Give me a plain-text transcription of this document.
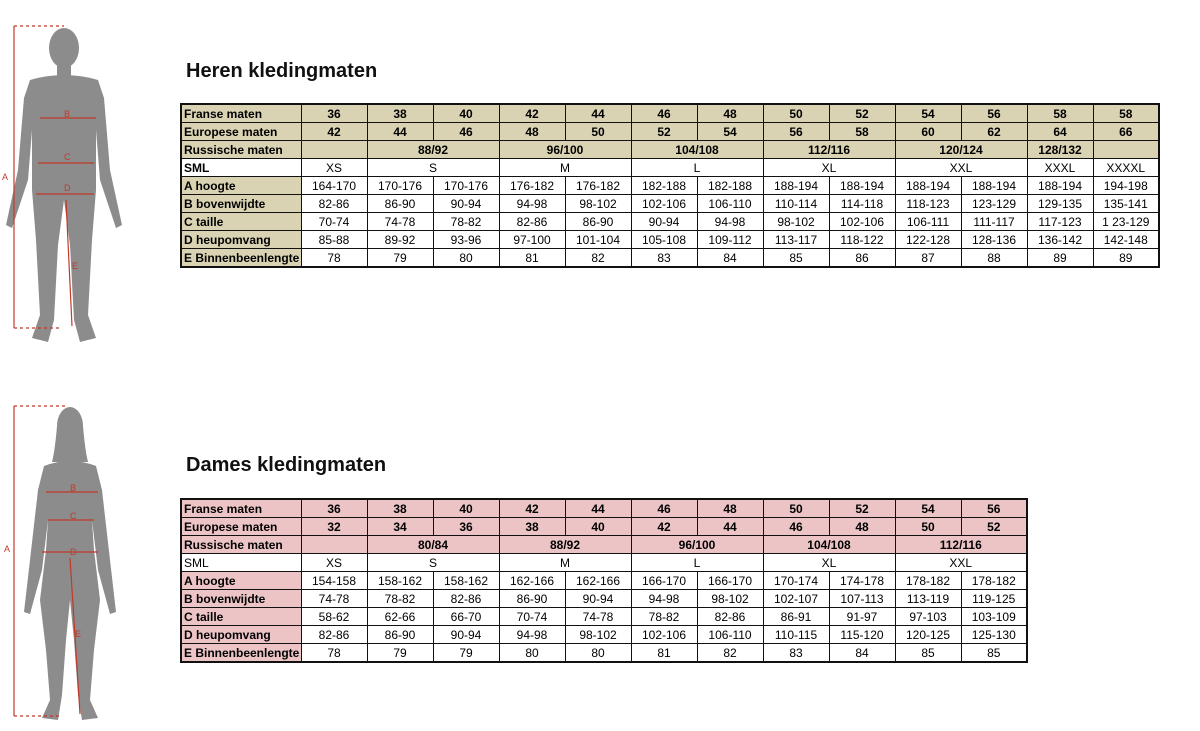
A
B
C
D
E
Heren kledingmaten
Franse maten	36	38	40	42	44	46	48	50	52	54	56	58	58
Europese maten	42	44	46	48	50	52	54	56	58	60	62	64	66
Russische maten		88/92		96/100		104/108		112/116		120/124		128/132	
SML	XS	S		M		L		XL		XXL		XXXL	XXXXL
A hoogte	164-170	170-176	170-176	176-182	176-182	182-188	182-188	188-194	188-194	188-194	188-194	188-194	194-198
B bovenwijdte	82-86	86-90	90-94	94-98	98-102	102-106	106-110	110-114	114-118	118-123	123-129	129-135	135-141
C taille	70-74	74-78	78-82	82-86	86-90	90-94	94-98	98-102	102-106	106-111	111-117	117-123	1 23-129
D heupomvang	85-88	89-92	93-96	97-100	101-104	105-108	109-112	113-117	118-122	122-128	128-136	136-142	142-148
E Binnenbeenlengte	78	79	80	81	82	83	84	85	86	87	88	89	89
A
B
C
D
E
Dames kledingmaten
Franse maten	36	38	40	42	44	46	48	50	52	54	56
Europese maten	32	34	36	38	40	42	44	46	48	50	52
Russische maten		80/84		88/92		96/100		104/108		112/116	
SML	XS	S		M		L		XL		XXL	
A hoogte	154-158	158-162	158-162	162-166	162-166	166-170	166-170	170-174	174-178	178-182	178-182
B bovenwijdte	74-78	78-82	82-86	86-90	90-94	94-98	98-102	102-107	107-113	113-119	119-125
C taille	58-62	62-66	66-70	70-74	74-78	78-82	82-86	86-91	91-97	97-103	103-109
D heupomvang	82-86	86-90	90-94	94-98	98-102	102-106	106-110	110-115	115-120	120-125	125-130
E Binnenbeenlengte	78	79	79	80	80	81	82	83	84	85	85
